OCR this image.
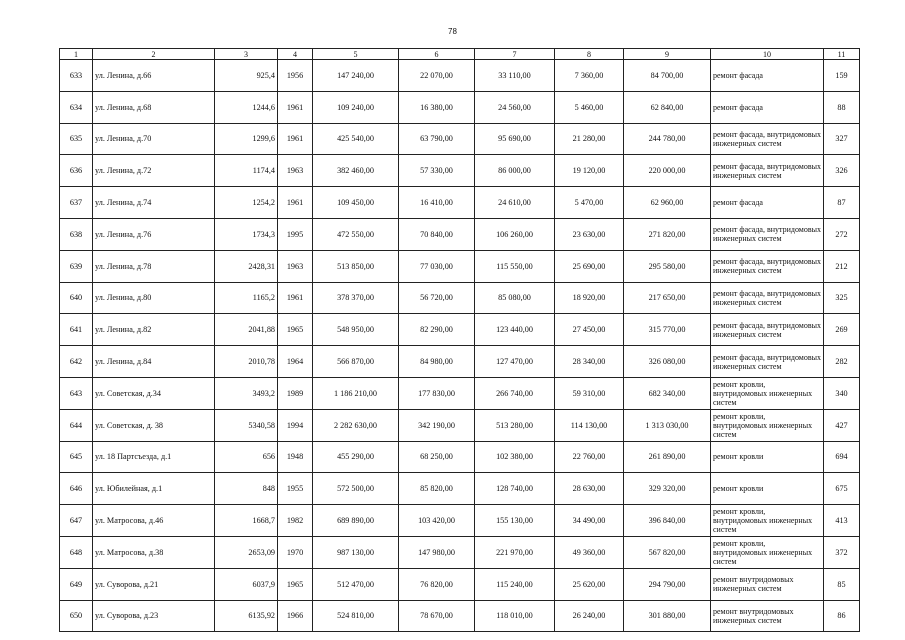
78
1	2	3	4	5	6	7	8	9	10	11
633	ул. Ленина, д.66	925,4	1956	147 240,00	22 070,00	33 110,00	7 360,00	84 700,00	ремонт фасада	159
634	ул. Ленина, д.68	1244,6	1961	109 240,00	16 380,00	24 560,00	5 460,00	62 840,00	ремонт фасада	88
635	ул. Ленина, д.70	1299,6	1961	425 540,00	63 790,00	95 690,00	21 280,00	244 780,00	ремонт фасада, внутридомовых инженерных систем	327
636	ул. Ленина, д.72	1174,4	1963	382 460,00	57 330,00	86 000,00	19 120,00	220 000,00	ремонт фасада, внутридомовых инженерных систем	326
637	ул. Ленина, д.74	1254,2	1961	109 450,00	16 410,00	24 610,00	5 470,00	62 960,00	ремонт фасада	87
638	ул. Ленина, д.76	1734,3	1995	472 550,00	70 840,00	106 260,00	23 630,00	271 820,00	ремонт фасада, внутридомовых инженерных систем	272
639	ул. Ленина, д.78	2428,31	1963	513 850,00	77 030,00	115 550,00	25 690,00	295 580,00	ремонт фасада, внутридомовых инженерных систем	212
640	ул. Ленина, д.80	1165,2	1961	378 370,00	56 720,00	85 080,00	18 920,00	217 650,00	ремонт фасада, внутридомовых инженерных систем	325
641	ул. Ленина, д.82	2041,88	1965	548 950,00	82 290,00	123 440,00	27 450,00	315 770,00	ремонт фасада, внутридомовых инженерных систем	269
642	ул. Ленина, д.84	2010,78	1964	566 870,00	84 980,00	127 470,00	28 340,00	326 080,00	ремонт фасада, внутридомовых инженерных систем	282
643	ул. Советская, д.34	3493,2	1989	1 186 210,00	177 830,00	266 740,00	59 310,00	682 340,00	ремонт кровли, внутридомовых инженерных систем	340
644	ул. Советская, д. 38	5340,58	1994	2 282 630,00	342 190,00	513 280,00	114 130,00	1 313 030,00	ремонт кровли, внутридомовых инженерных систем	427
645	ул. 18 Партсъезда, д.1	656	1948	455 290,00	68 250,00	102 380,00	22 760,00	261 890,00	ремонт кровли	694
646	ул. Юбилейная, д.1	848	1955	572 500,00	85 820,00	128 740,00	28 630,00	329 320,00	ремонт кровли	675
647	ул. Матросова, д.46	1668,7	1982	689 890,00	103 420,00	155 130,00	34 490,00	396 840,00	ремонт кровли, внутридомовых инженерных систем	413
648	ул. Матросова, д.38	2653,09	1970	987 130,00	147 980,00	221 970,00	49 360,00	567 820,00	ремонт кровли, внутридомовых инженерных систем	372
649	ул. Суворова, д.21	6037,9	1965	512 470,00	76 820,00	115 240,00	25 620,00	294 790,00	ремонт внутридомовых инженерных систем	85
650	ул. Суворова, д.23	6135,92	1966	524 810,00	78 670,00	118 010,00	26 240,00	301 880,00	ремонт внутридомовых инженерных систем	86
